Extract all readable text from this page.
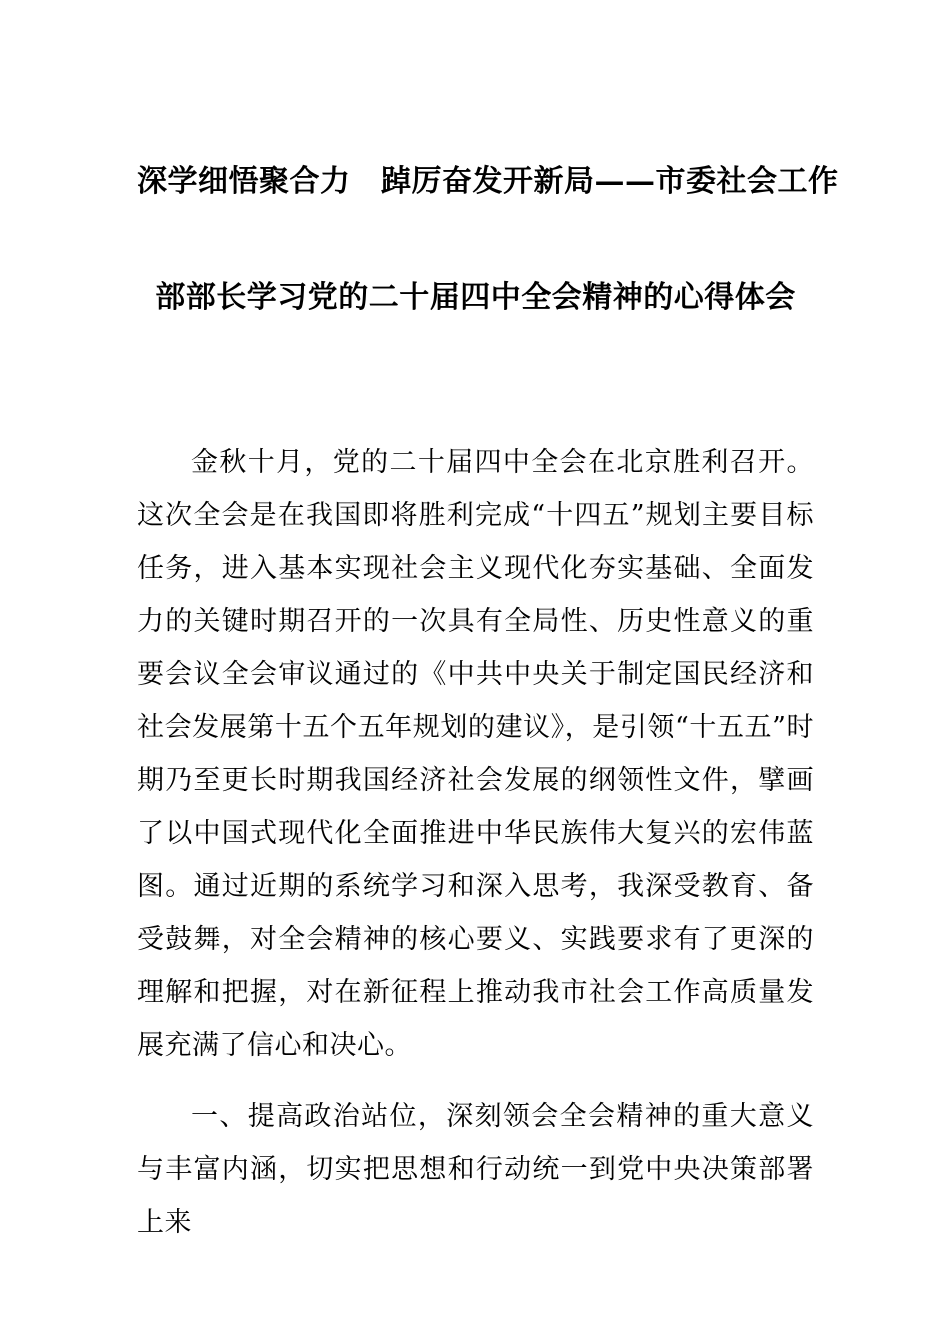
深学细悟聚合力　踔厉奋发开新局——市委社会工作
部部长学习党的二十届四中全会精神的心得体会

金秋十月，党的二十届四中全会在北京胜利召开。这次全会是在我国即将胜利完成“十四五”规划主要目标任务，进入基本实现社会主义现代化夯实基础、全面发力的关键时期召开的一次具有全局性、历史性意义的重要会议全会审议通过的《中共中央关于制定国民经济和社会发展第十五个五年规划的建议》，是引领“十五五”时期乃至更长时期我国经济社会发展的纲领性文件，擘画了以中国式现代化全面推进中华民族伟大复兴的宏伟蓝图。通过近期的系统学习和深入思考，我深受教育、备受鼓舞，对全会精神的核心要义、实践要求有了更深的理解和把握，对在新征程上推动我市社会工作高质量发展充满了信心和决心。

一、提高政治站位，深刻领会全会精神的重大意义与丰富内涵，切实把思想和行动统一到党中央决策部署上来
